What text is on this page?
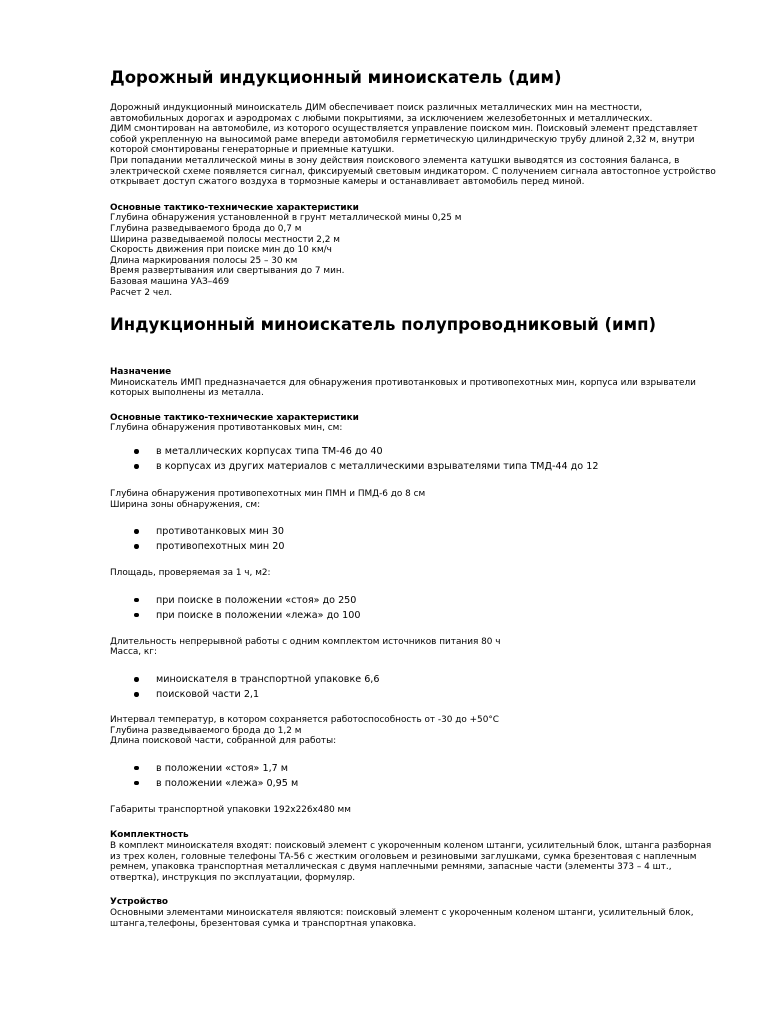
Дорожный индукционный миноискатель (дим)
Дорожный индукционный миноискатель ДИМ обеспечивает поиск различных металлических мин на местности,
автомобильных дорогах и аэродромах с любыми покрытиями, за исключением железобетонных и металлических.
ДИМ смонтирован на автомобиле, из которого осуществляется управление поиском мин. Поисковый элемент представляет
собой укрепленную на выносимой раме впереди автомобиля герметическую цилиндрическую трубу длиной 2,32 м, внутри
которой смонтированы генераторные и приемные катушки.
При попадании металлической мины в зону действия поискового элемента катушки выводятся из состояния баланса, в
электрической схеме появляется сигнал, фиксируемый световым индикатором. С получением сигнала автостопное устройство
открывает доступ сжатого воздуха в тормозные камеры и останавливает автомобиль перед миной.
Основные тактико-технические характеристики
Глубина обнаружения установленной в грунт металлической мины 0,25 м
Глубина разведываемого брода до 0,7 м
Ширина разведываемой полосы местности 2,2 м
Скорость движения при поиске мин до 10 км/ч
Длина маркирования полосы 25 – 30 км
Время развертывания или свертывания до 7 мин.
Базовая машина УАЗ–469
Расчет 2 чел.
Индукционный миноискатель полупроводниковый (имп)
Назначение
Миноискатель ИМП предназначается для обнаружения противотанковых и противопехотных мин, корпуса или взрыватели
которых выполнены из металла.
Основные тактико-технические характеристики
Глубина обнаружения противотанковых мин, см:
в металлических корпусах типа ТМ-46 до 40
в корпусах из других материалов с металлическими взрывателями типа ТМД-44 до 12
Глубина обнаружения противопехотных мин ПМН и ПМД-6 до 8 см
Ширина зоны обнаружения, см:
противотанковых мин 30
противопехотных мин 20
Площадь, проверяемая за 1 ч, м2:
при поиске в положении «стоя» до 250
при поиске в положении «лежа» до 100
Длительность непрерывной работы с одним комплектом источников питания 80 ч
Масса, кг:
миноискателя в транспортной упаковке 6,6
поисковой части 2,1
Интервал температур, в котором сохраняется работоспособность от -30 до +50°С
Глубина разведываемого брода до 1,2 м
Длина поисковой части, собранной для работы:
в положении «стоя» 1,7 м
в положении «лежа» 0,95 м
Габариты транспортной упаковки 192x226x480 мм
Комплектность
В комплект миноискателя входят: поисковый элемент с укороченным коленом штанги, усилительный блок, штанга разборная
из трех колен, головные телефоны ТА-56 с жестким оголовьем и резиновыми заглушками, сумка брезентовая с наплечным
ремнем, упаковка транспортная металлическая с двумя наплечными ремнями, запасные части (элементы 373 – 4 шт.,
отвертка), инструкция по эксплуатации, формуляр.
Устройство
Основными элементами миноискателя являются: поисковый элемент с укороченным коленом штанги, усилительный блок,
штанга,телефоны, брезентовая сумка и транспортная упаковка.
